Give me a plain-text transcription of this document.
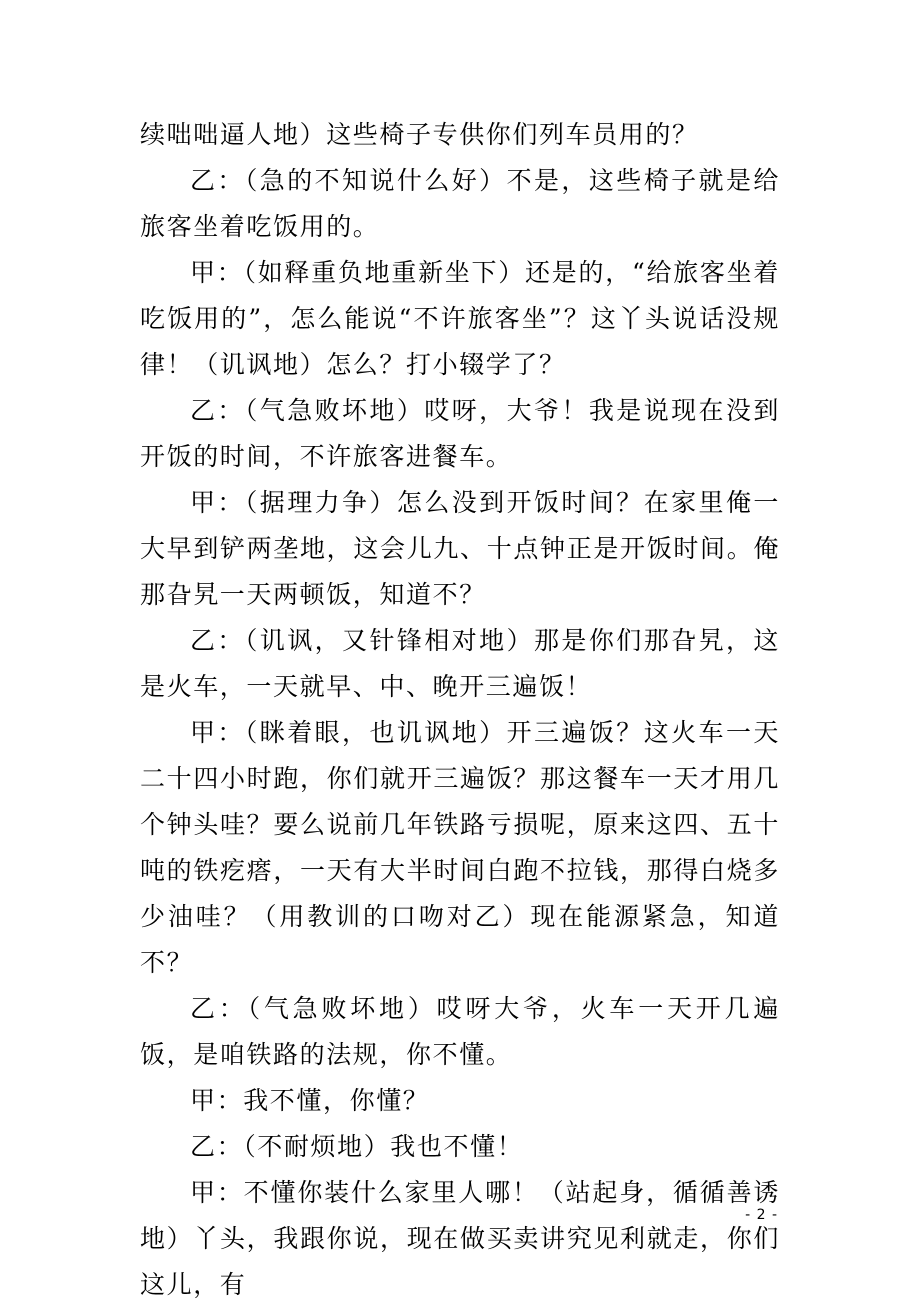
续咄咄逼人地）这些椅子专供你们列车员用的？

乙：（急的不知说什么好）不是，这些椅子就是给旅客坐着吃饭用的。

甲：（如释重负地重新坐下）还是的，“给旅客坐着吃饭用的”，怎么能说“不许旅客坐”？这丫头说话没规律！（讥讽地）怎么？打小辍学了？

乙：（气急败坏地）哎呀，大爷！我是说现在没到开饭的时间，不许旅客进餐车。

甲：（据理力争）怎么没到开饭时间？在家里俺一大早到铲两垄地，这会儿九、十点钟正是开饭时间。俺那旮旯一天两顿饭，知道不？

乙：（讥讽，又针锋相对地）那是你们那旮旯，这是火车，一天就早、中、晚开三遍饭！

甲：（眯着眼，也讥讽地）开三遍饭？这火车一天二十四小时跑，你们就开三遍饭？那这餐车一天才用几个钟头哇？要么说前几年铁路亏损呢，原来这四、五十吨的铁疙瘩，一天有大半时间白跑不拉钱，那得白烧多少油哇？（用教训的口吻对乙）现在能源紧急，知道不？

乙：（气急败坏地）哎呀大爷，火车一天开几遍饭，是咱铁路的法规，你不懂。

甲：我不懂，你懂？

乙：（不耐烦地）我也不懂！

甲：不懂你装什么家里人哪！（站起身，循循善诱地）丫头，我跟你说，现在做买卖讲究见利就走，你们这儿，有

- 2 -
